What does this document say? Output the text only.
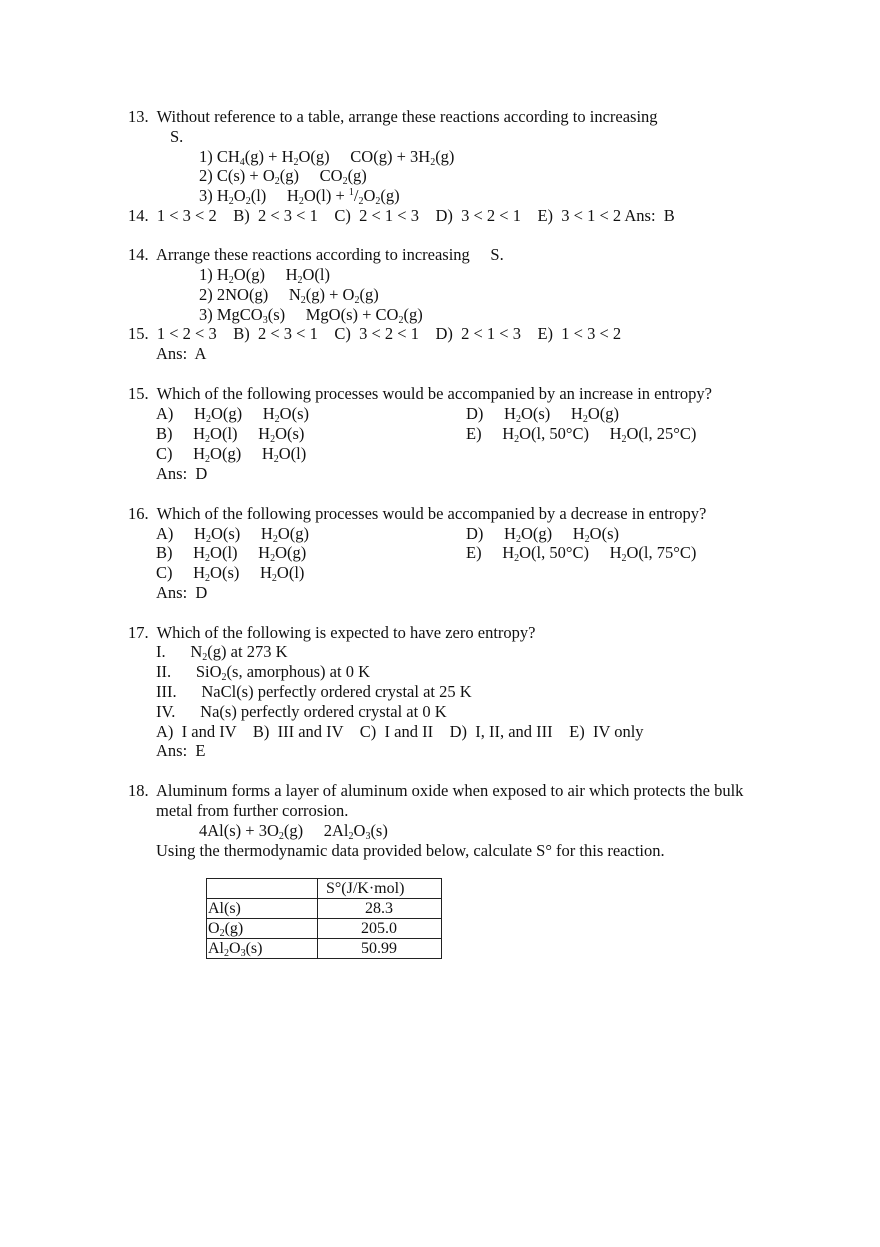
13.  Without reference to a table, arrange these reactions according to increasing
S.
1) $CH_4(g) + H_2O(g)$     $CO(g) + 3H_2(g)$
2) $C(s) + O_2(g)$     $CO_2(g)$
3) $H_2O_2(l)$     $H_2O(l) + ^1/_2O_2(g)$
14.  1 < 3 < 2    B)  2 < 3 < 1    C)  2 < 1 < 3    D)  3 < 2 < 1    E)  3 < 1 < 2 Ans:  B
14.  Arrange these reactions according to increasing     S.
1) $H_2O(g)$     $H_2O(l)$
2) 2NO(g)     $N_2(g) + O_2(g)$
3) MgCO$_3$(s)     $MgO(s) + CO_2(g)$
15.  1 < 2 < 3    B)  2 < 3 < 1    C)  3 < 2 < 1    D)  2 < 1 < 3    E)  1 < 3 < 2
Ans:  A
15.  Which of the following processes would be accompanied by an increase in entropy?
A)     $H_2O(g)$     $H_2O(s)$	D)     $H_2O(s)$     $H_2O(g)$
B)     $H_2O(l)$     $H_2O(s)$	E)     $H_2O(l$, 50°C)     $H_2O(l$, 25°C)
C)     $H_2O(g)$     $H_2O(l)$
Ans:  D
16.  Which of the following processes would be accompanied by a decrease in entropy?
A)     $H_2O(s)$     $H_2O(g)$	D)     $H_2O(g)$     $H_2O(s)$
B)     $H_2O(l)$     $H_2O(g)$	E)     $H_2O(l$, 50°C)     $H_2O(l$, 75°C)
C)     $H_2O(s)$     $H_2O(l)$
Ans:  D
17.  Which of the following is expected to have zero entropy?
I.      $N_2(g)$ at 273 K
II.      SiO$_2$(s, amorphous) at 0 K
III.      NaCl(s) perfectly ordered crystal at 25 K
IV.      Na(s) perfectly ordered crystal at 0 K
A)  I and IV    B)  III and IV    C)  I and II    D)  I, II, and III    E)  IV only
Ans:  E
18.  Aluminum forms a layer of aluminum oxide when exposed to air which protects the bulk
metal from further corrosion.
$4Al(s) + 3O_2(g)$     $2Al_2O_3(s)$
Using the thermodynamic data provided below, calculate S° for this reaction.
	S°(J/K·mol)
Al(s)	28.3
$O_2(g)$	205.0
$Al_2O_3(s)$	50.99
